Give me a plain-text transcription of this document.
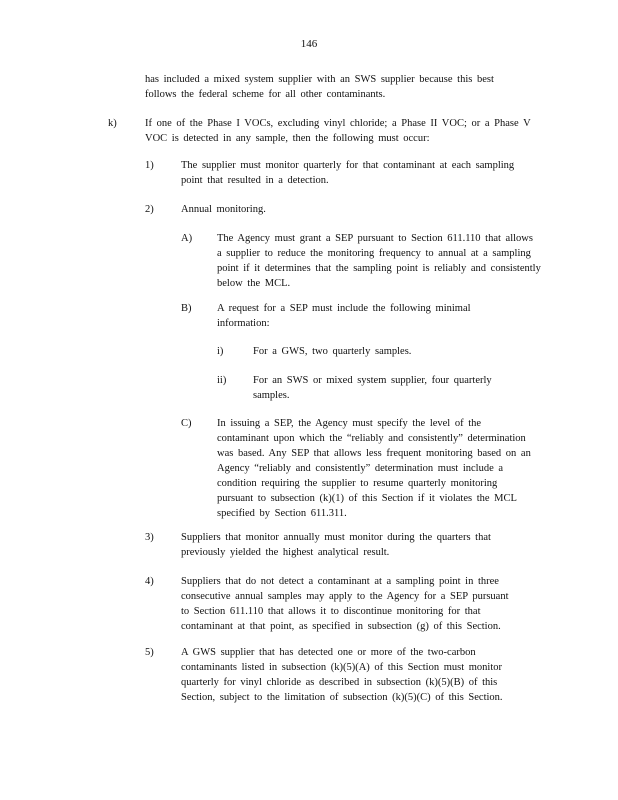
146
has included a mixed system supplier with an SWS supplier because this best follows the federal scheme for all other contaminants.
k)	If one of the Phase I VOCs, excluding vinyl chloride; a Phase II VOC; or a Phase V VOC is detected in any sample, then the following must occur:
1)	The supplier must monitor quarterly for that contaminant at each sampling point that resulted in a detection.
2)	Annual monitoring.
A) The Agency must grant a SEP pursuant to Section 611.110 that allows a supplier to reduce the monitoring frequency to annual at a sampling point if it determines that the sampling point is reliably and consistently below the MCL.
B) A request for a SEP must include the following minimal information:
i)	For a GWS, two quarterly samples.
ii)	For an SWS or mixed system supplier, four quarterly samples.
C) In issuing a SEP, the Agency must specify the level of the contaminant upon which the “reliably and consistently” determination was based. Any SEP that allows less frequent monitoring based on an Agency “reliably and consistently” determination must include a condition requiring the supplier to resume quarterly monitoring pursuant to subsection (k)(1) of this Section if it violates the MCL specified by Section 611.311.
3)	Suppliers that monitor annually must monitor during the quarters that previously yielded the highest analytical result.
4)	Suppliers that do not detect a contaminant at a sampling point in three consecutive annual samples may apply to the Agency for a SEP pursuant to Section 611.110 that allows it to discontinue monitoring for that contaminant at that point, as specified in subsection (g) of this Section.
5)	A GWS supplier that has detected one or more of the two-carbon contaminants listed in subsection (k)(5)(A) of this Section must monitor quarterly for vinyl chloride as described in subsection (k)(5)(B) of this Section, subject to the limitation of subsection (k)(5)(C) of this Section.
